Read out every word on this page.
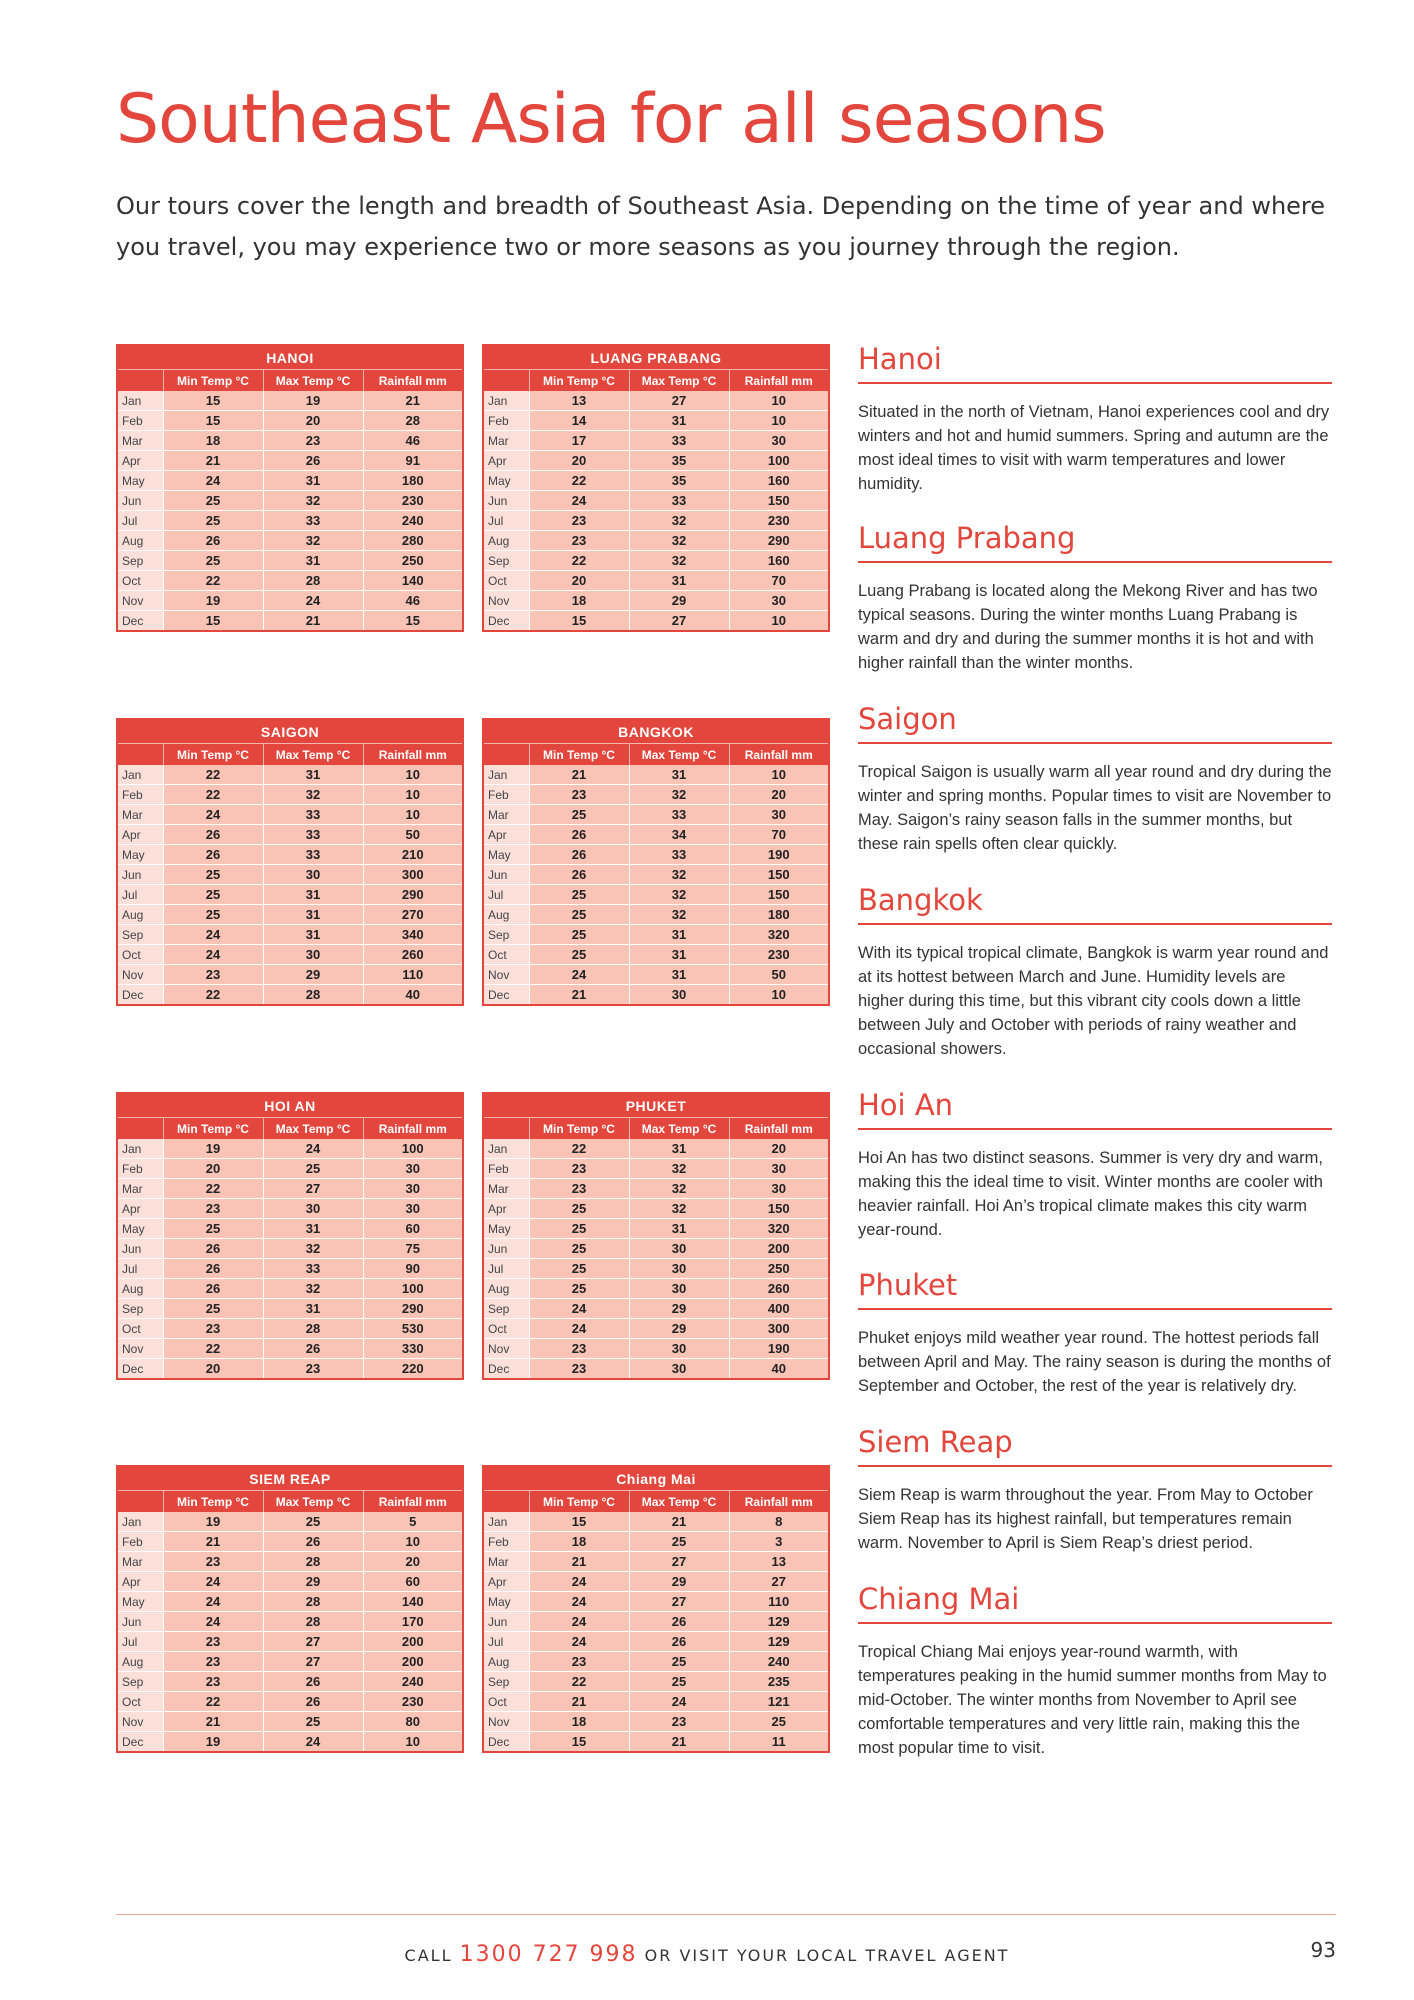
Southeast Asia for all seasons

Our tours cover the length and breadth of Southeast Asia. Depending on the time of year and where you travel, you may experience two or more seasons as you journey through the region.

HANOI			
	Min Temp °C	Max Temp °C	Rainfall mm
Jan	15	19	21
Feb	15	20	28
Mar	18	23	46
Apr	21	26	91
May	24	31	180
Jun	25	32	230
Jul	25	33	240
Aug	26	32	280
Sep	25	31	250
Oct	22	28	140
Nov	19	24	46
Dec	15	21	15
LUANG PRABANG			
	Min Temp °C	Max Temp °C	Rainfall mm
Jan	13	27	10
Feb	14	31	10
Mar	17	33	30
Apr	20	35	100
May	22	35	160
Jun	24	33	150
Jul	23	32	230
Aug	23	32	290
Sep	22	32	160
Oct	20	31	70
Nov	18	29	30
Dec	15	27	10
SAIGON			
	Min Temp °C	Max Temp °C	Rainfall mm
Jan	22	31	10
Feb	22	32	10
Mar	24	33	10
Apr	26	33	50
May	26	33	210
Jun	25	30	300
Jul	25	31	290
Aug	25	31	270
Sep	24	31	340
Oct	24	30	260
Nov	23	29	110
Dec	22	28	40
BANGKOK			
	Min Temp °C	Max Temp °C	Rainfall mm
Jan	21	31	10
Feb	23	32	20
Mar	25	33	30
Apr	26	34	70
May	26	33	190
Jun	26	32	150
Jul	25	32	150
Aug	25	32	180
Sep	25	31	320
Oct	25	31	230
Nov	24	31	50
Dec	21	30	10
HOI AN			
	Min Temp °C	Max Temp °C	Rainfall mm
Jan	19	24	100
Feb	20	25	30
Mar	22	27	30
Apr	23	30	30
May	25	31	60
Jun	26	32	75
Jul	26	33	90
Aug	26	32	100
Sep	25	31	290
Oct	23	28	530
Nov	22	26	330
Dec	20	23	220
PHUKET			
	Min Temp °C	Max Temp °C	Rainfall mm
Jan	22	31	20
Feb	23	32	30
Mar	23	32	30
Apr	25	32	150
May	25	31	320
Jun	25	30	200
Jul	25	30	250
Aug	25	30	260
Sep	24	29	400
Oct	24	29	300
Nov	23	30	190
Dec	23	30	40
SIEM REAP			
	Min Temp °C	Max Temp °C	Rainfall mm
Jan	19	25	5
Feb	21	26	10
Mar	23	28	20
Apr	24	29	60
May	24	28	140
Jun	24	28	170
Jul	23	27	200
Aug	23	27	200
Sep	23	26	240
Oct	22	26	230
Nov	21	25	80
Dec	19	24	10
Chiang Mai			
	Min Temp °C	Max Temp °C	Rainfall mm
Jan	15	21	8
Feb	18	25	3
Mar	21	27	13
Apr	24	29	27
May	24	27	110
Jun	24	26	129
Jul	24	26	129
Aug	23	25	240
Sep	22	25	235
Oct	21	24	121
Nov	18	23	25
Dec	15	21	11
Hanoi

Situated in the north of Vietnam, Hanoi experiences cool and dry winters and hot and humid summers. Spring and autumn are the most ideal times to visit with warm temperatures and lower humidity.

Luang Prabang

Luang Prabang is located along the Mekong River and has two typical seasons. During the winter months Luang Prabang is warm and dry and during the summer months it is hot and with higher rainfall than the winter months.

Saigon

Tropical Saigon is usually warm all year round and dry during the winter and spring months. Popular times to visit are November to May. Saigon’s rainy season falls in the summer months, but these rain spells often clear quickly.

Bangkok

With its typical tropical climate, Bangkok is warm year round and at its hottest between March and June. Humidity levels are higher during this time, but this vibrant city cools down a little between July and October with periods of rainy weather and occasional showers.

Hoi An

Hoi An has two distinct seasons. Summer is very dry and warm, making this the ideal time to visit. Winter months are cooler with heavier rainfall. Hoi An’s tropical climate makes this city warm year-round.

Phuket

Phuket enjoys mild weather year round. The hottest periods fall between April and May. The rainy season is during the months of September and October, the rest of the year is relatively dry.

Siem Reap

Siem Reap is warm throughout the year. From May to October Siem Reap has its highest rainfall, but temperatures remain warm. November to April is Siem Reap’s driest period.

Chiang Mai

Tropical Chiang Mai enjoys year-round warmth, with temperatures peaking in the humid summer months from May to mid-October. The winter months from November to April see comfortable temperatures and very little rain, making this the most popular time to visit.

CALL 1300 727 998 OR VISIT YOUR LOCAL TRAVEL AGENT	93
